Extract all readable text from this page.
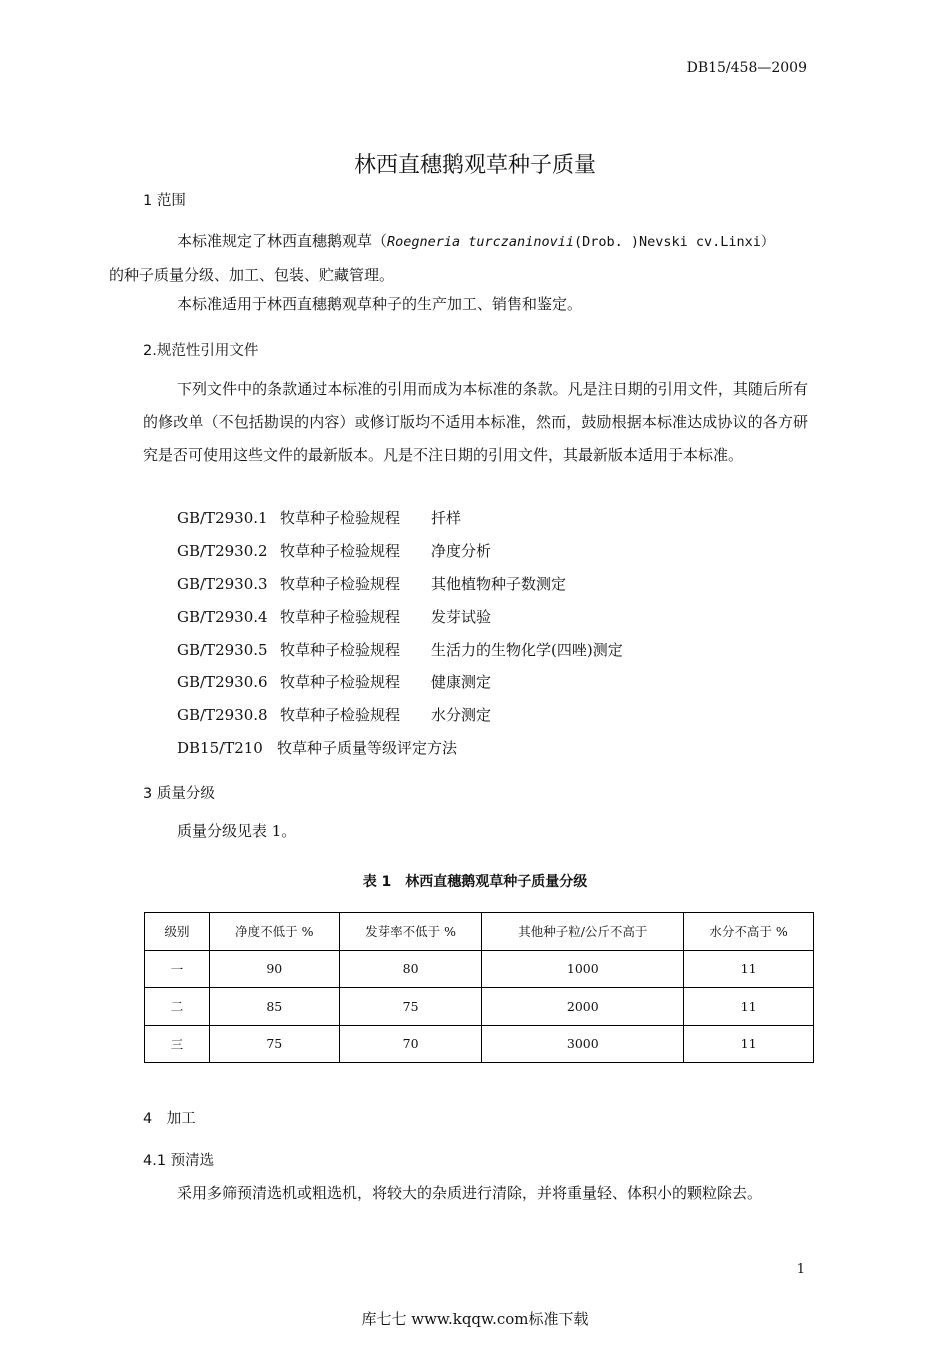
DB15/458—2009
林西直穗鹅观草种子质量
1 范围
本标准规定了林西直穗鹅观草（Roegneria turczaninovii(Drob. )Nevski cv.Linxi）
的种子质量分级、加工、包装、贮藏管理。
本标准适用于林西直穗鹅观草种子的生产加工、销售和鉴定。
2.规范性引用文件
下列文件中的条款通过本标准的引用而成为本标准的条款。凡是注日期的引用文件，其随后所有的修改单（不包括勘误的内容）或修订版均不适用本标准，然而，鼓励根据本标准达成协议的各方研究是否可使用这些文件的最新版本。凡是不注日期的引用文件，其最新版本适用于本标准。
GB/T2930.1 牧草种子检验规程 扦样
GB/T2930.2 牧草种子检验规程 净度分析
GB/T2930.3 牧草种子检验规程 其他植物种子数测定
GB/T2930.4 牧草种子检验规程 发芽试验
GB/T2930.5 牧草种子检验规程 生活力的生物化学(四唑)测定
GB/T2930.6 牧草种子检验规程 健康测定
GB/T2930.8 牧草种子检验规程 水分测定
DB15/T210 牧草种子质量等级评定方法
3 质量分级
质量分级见表 1。
表 1　林西直穗鹅观草种子质量分级
级别	净度不低于 %	发芽率不低于 %	其他种子粒/公斤不高于	水分不高于 %
一	90	80	1000	11
二	85	75	2000	11
三	75	70	3000	11
4　加工
4.1 预清选
采用多筛预清选机或粗选机，将较大的杂质进行清除，并将重量轻、体积小的颗粒除去。
1
库七七 www.kqqw.com标准下载
